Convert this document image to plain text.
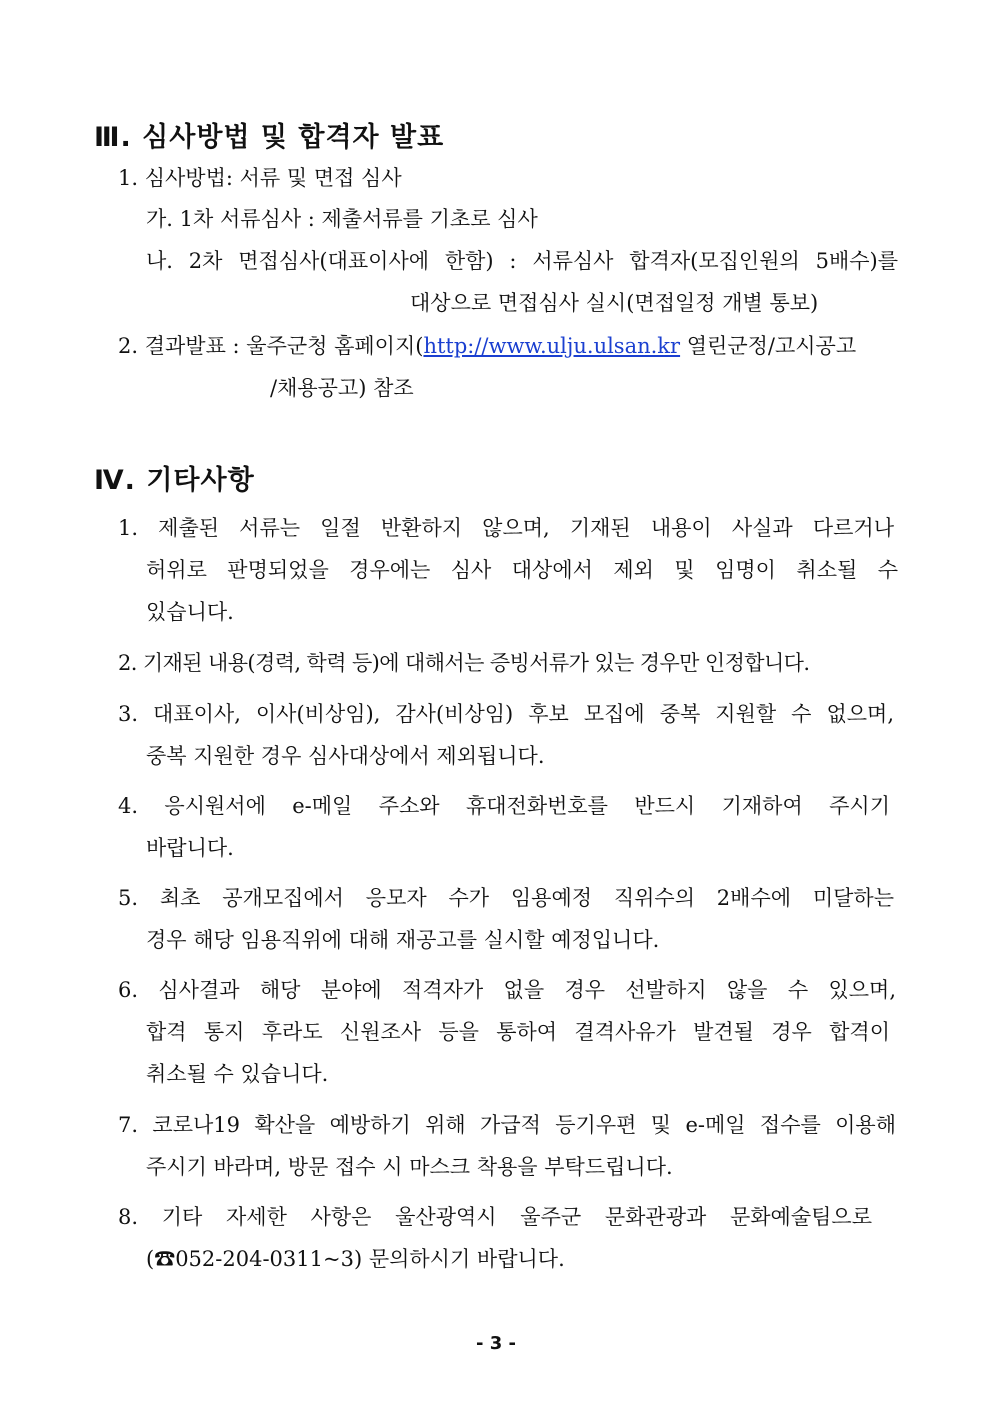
Ⅲ. 심사방법 및 합격자 발표
1. 심사방법: 서류 및 면접 심사
가. 1차 서류심사 : 제출서류를 기초로 심사
나. 2차 면접심사(대표이사에 한함) : 서류심사 합격자(모집인원의 5배수)를
대상으로 면접심사 실시(면접일정 개별 통보)
2. 결과발표 : 울주군청 홈페이지(http://www.ulju.ulsan.kr 열린군정/고시공고
/채용공고) 참조
Ⅳ. 기타사항
1. 제출된 서류는 일절 반환하지 않으며, 기재된 내용이 사실과 다르거나
허위로 판명되었을 경우에는 심사 대상에서 제외 및 임명이 취소될 수
있습니다.
2. 기재된 내용(경력, 학력 등)에 대해서는 증빙서류가 있는 경우만 인정합니다.
3. 대표이사, 이사(비상임), 감사(비상임) 후보 모집에 중복 지원할 수 없으며,
중복 지원한 경우 심사대상에서 제외됩니다.
4. 응시원서에 e-메일 주소와 휴대전화번호를 반드시 기재하여 주시기
바랍니다.
5. 최초 공개모집에서 응모자 수가 임용예정 직위수의 2배수에 미달하는
경우 해당 임용직위에 대해 재공고를 실시할 예정입니다.
6. 심사결과 해당 분야에 적격자가 없을 경우 선발하지 않을 수 있으며,
합격 통지 후라도 신원조사 등을 통하여 결격사유가 발견될 경우 합격이
취소될 수 있습니다.
7. 코로나19 확산을 예방하기 위해 가급적 등기우편 및 e-메일 접수를 이용해
주시기 바라며, 방문 접수 시 마스크 착용을 부탁드립니다.
8. 기타 자세한 사항은 울산광역시 울주군 문화관광과 문화예술팀으로
(☎052-204-0311~3) 문의하시기 바랍니다.
- 3 -
